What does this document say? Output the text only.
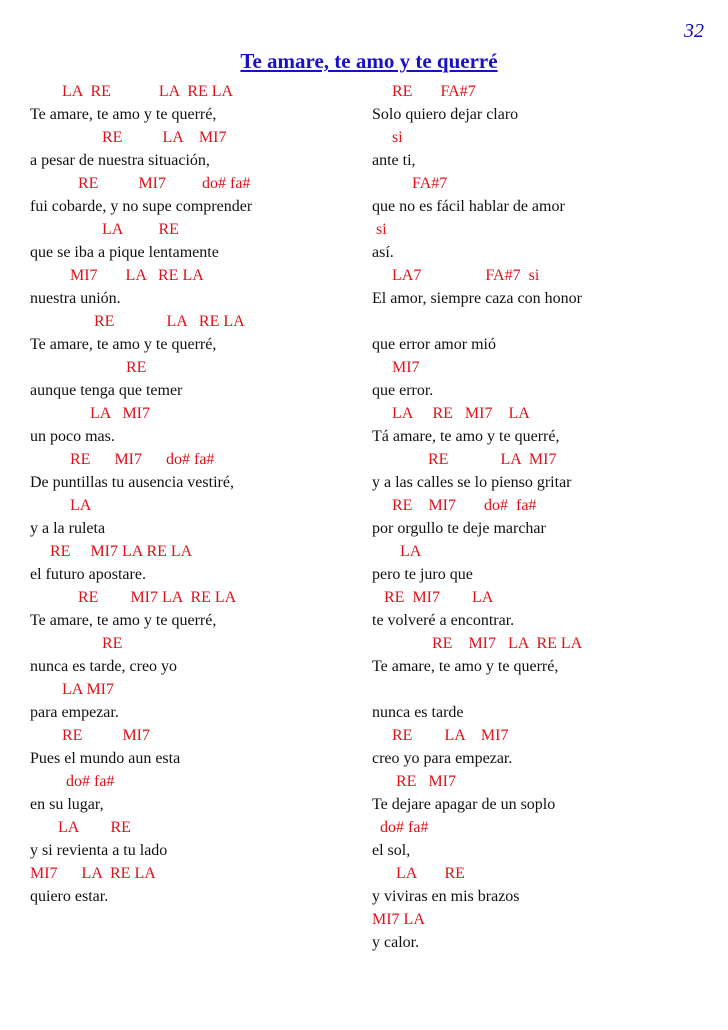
32
Te amare, te amo y te querré
LA  RE            LA  RE LA
Te amare, te amo y te querré,
RE          LA    MI7
a pesar de nuestra situación,
RE          MI7         do# fa#
fui cobarde, y no supe comprender
LA         RE
que se iba a pique lentamente
MI7       LA   RE LA
nuestra unión.
RE             LA   RE LA
Te amare, te amo y te querré,
RE
aunque tenga que temer
LA   MI7
un poco mas.
RE      MI7      do# fa#
De puntillas tu ausencia vestiré,
LA
y a la ruleta
RE     MI7 LA RE LA
el futuro apostare.
RE        MI7 LA  RE LA
Te amare, te amo y te querré,
RE
nunca es tarde, creo yo
LA MI7
para empezar.
RE          MI7
Pues el mundo aun esta
do# fa#
en su lugar,
LA        RE
y si revienta a tu lado
MI7      LA  RE LA
quiero estar.
RE       FA#7
Solo quiero dejar claro
si
ante ti,
FA#7
que no es fácil hablar de amor
si
así.
LA7                FA#7  si
El amor, siempre caza con honor
que error amor mió
MI7
que error.
LA     RE   MI7    LA
Tá amare, te amo y te querré,
RE             LA  MI7
y a las calles se lo pienso gritar
RE    MI7       do#  fa#
por orgullo te deje marchar
LA
pero te juro que
RE  MI7        LA
te volveré a encontrar.
RE    MI7   LA  RE LA
Te amare, te amo y te querré,
nunca es tarde
RE        LA    MI7
creo yo para empezar.
RE   MI7
Te dejare apagar de un soplo
do# fa#
el sol,
LA       RE
y viviras en mis brazos
MI7 LA
y calor.
